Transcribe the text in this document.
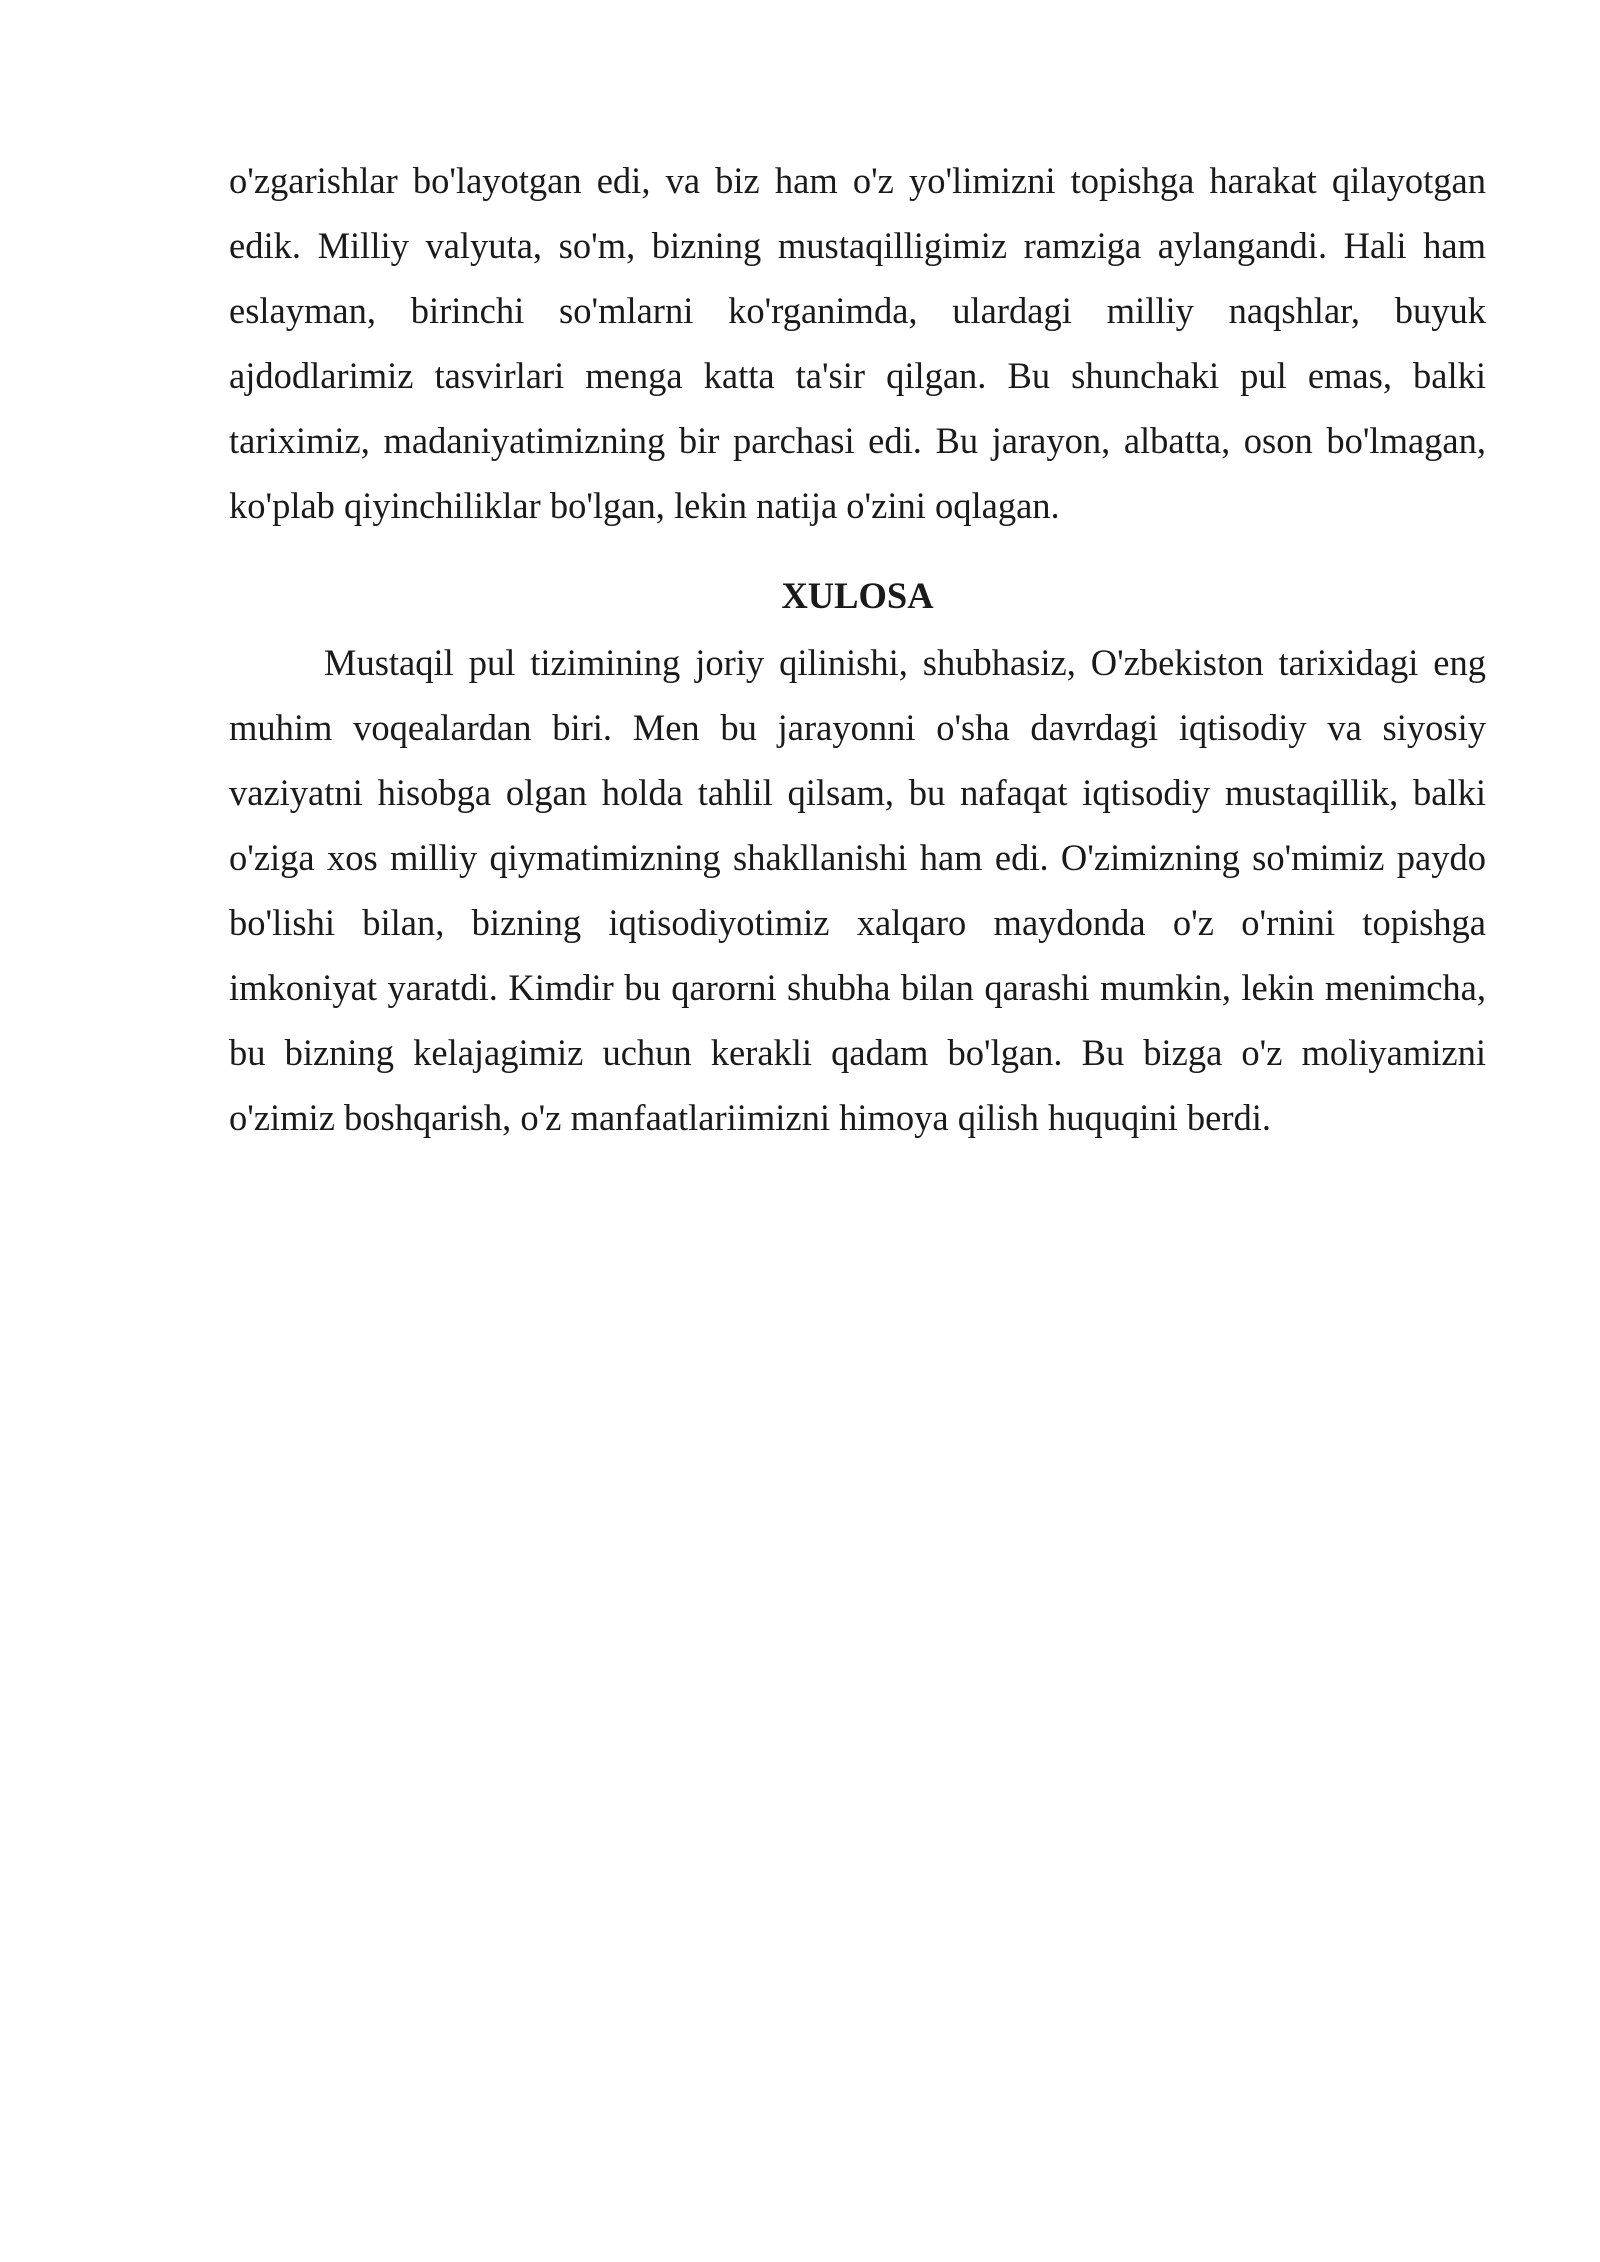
o'zgarishlar bo'layotgan edi, va biz ham o'z yo'limizni topishga harakat qilayotgan edik. Milliy valyuta, so'm, bizning mustaqilligimiz ramziga aylangandi. Hali ham eslayman, birinchi so'mlarni ko'rganimda, ulardagi milliy naqshlar, buyuk ajdodlarimiz tasvirlari menga katta ta'sir qilgan. Bu shunchaki pul emas, balki tariximiz, madaniyatimizning bir parchasi edi. Bu jarayon, albatta, oson bo'lmagan, ko'plab qiyinchiliklar bo'lgan, lekin natija o'zini oqlagan.

XULOSA

Mustaqil pul tizimining joriy qilinishi, shubhasiz, O'zbekiston tarixidagi eng muhim voqealardan biri. Men bu jarayonni o'sha davrdagi iqtisodiy va siyosiy vaziyatni hisobga olgan holda tahlil qilsam, bu nafaqat iqtisodiy mustaqillik, balki o'ziga xos milliy qiymatimizning shakllanishi ham edi. O'zimizning so'mimiz paydo bo'lishi bilan, bizning iqtisodiyotimiz xalqaro maydonda o'z o'rnini topishga imkoniyat yaratdi. Kimdir bu qarorni shubha bilan qarashi mumkin, lekin menimcha, bu bizning kelajagimiz uchun kerakli qadam bo'lgan. Bu bizga o'z moliyamizni o'zimiz boshqarish, o'z manfaatlariimizni himoya qilish huquqini berdi.
